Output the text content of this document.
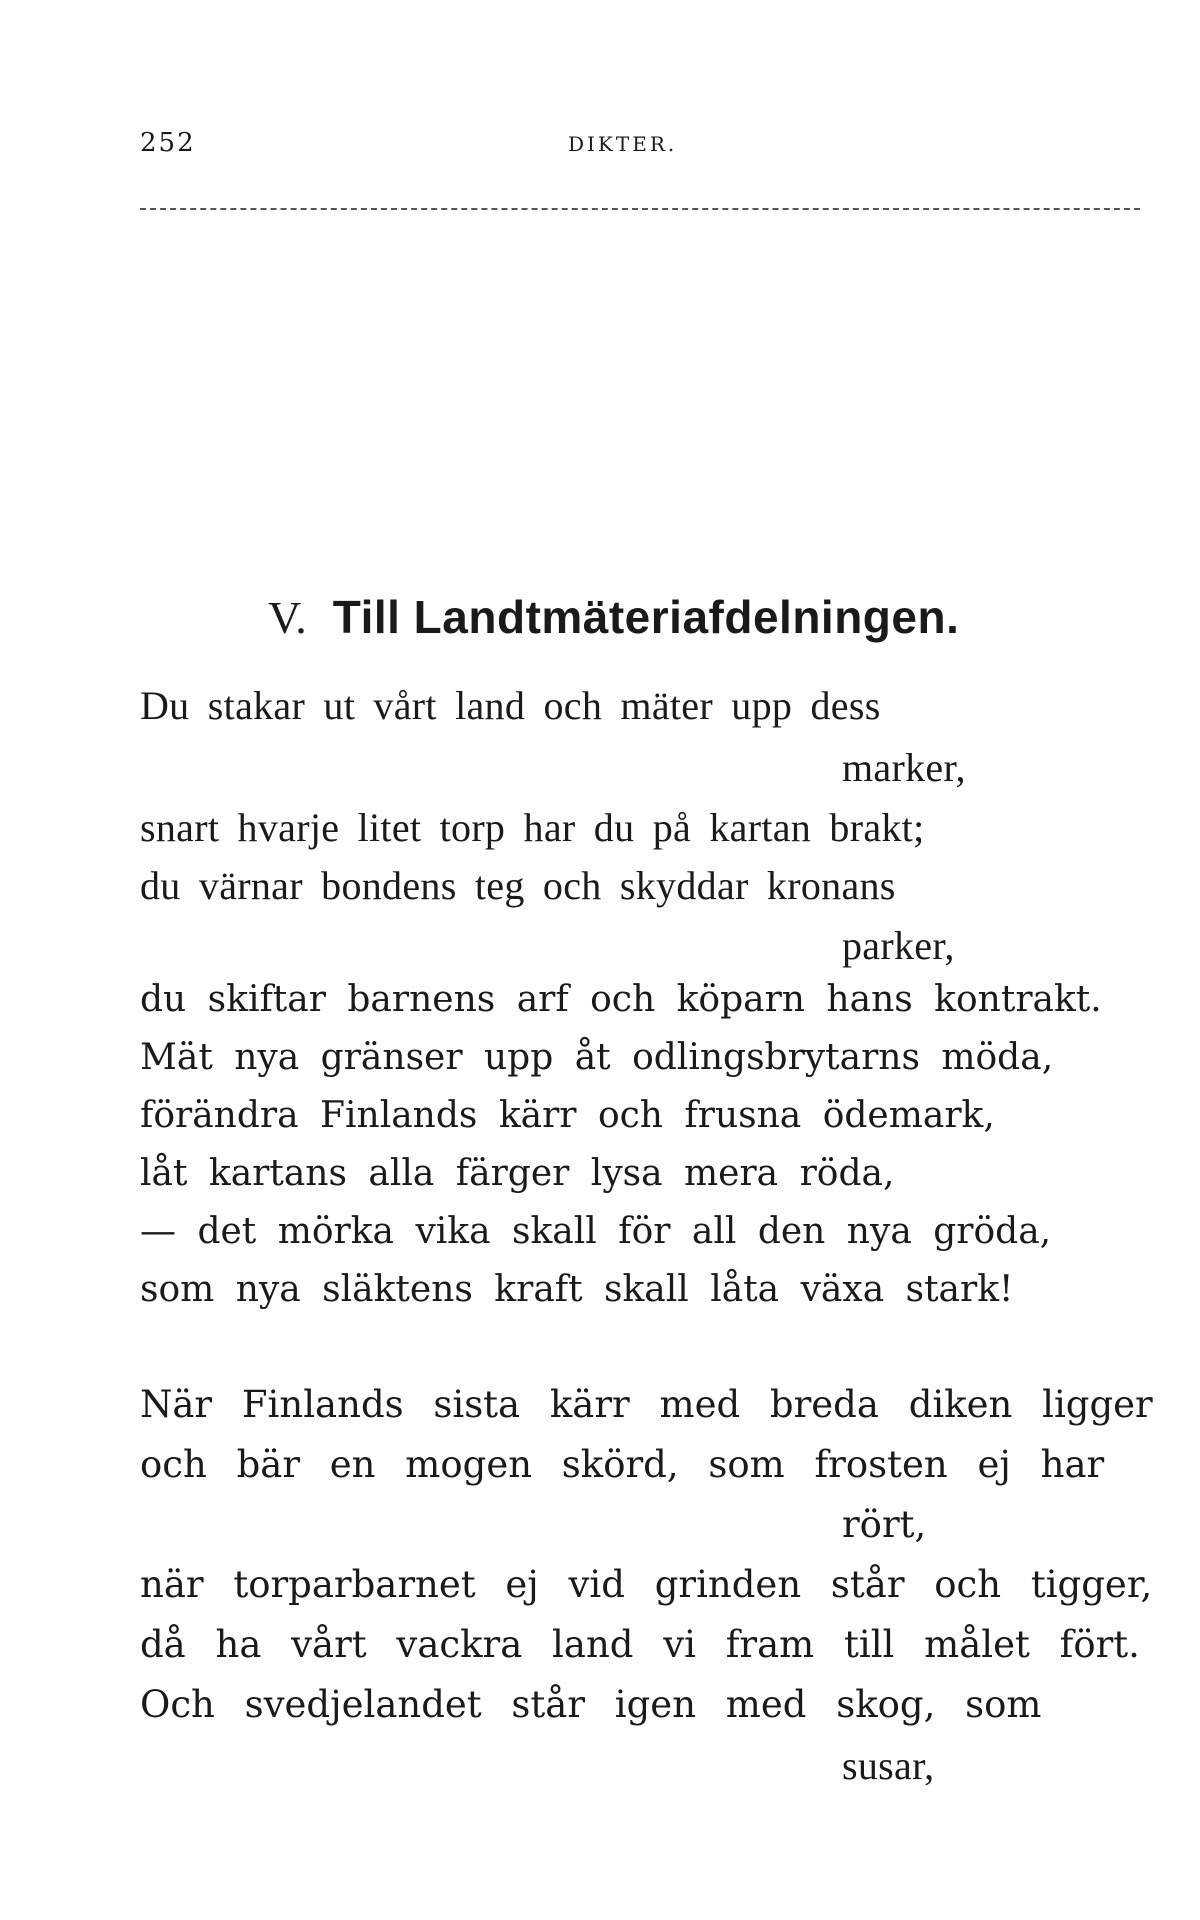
252	DIKTER.
V. Till Landtmäteriafdelningen.
Du stakar ut vårt land och mäter upp dess
marker,
snart hvarje litet torp har du på kartan brakt;
du värnar bondens teg och skyddar kronans
parker,
du skiftar barnens arf och köparn hans kontrakt.
Mät nya gränser upp åt odlingsbrytarns möda,
förändra Finlands kärr och frusna ödemark,
låt kartans alla färger lysa mera röda,
— det mörka vika skall för all den nya gröda,
som nya släktens kraft skall låta växa stark!
När Finlands sista kärr med breda diken ligger
och bär en mogen skörd, som frosten ej har
rört,
när torparbarnet ej vid grinden står och tigger,
då ha vårt vackra land vi fram till målet fört.
Och svedjelandet står igen med skog, som
susar,
